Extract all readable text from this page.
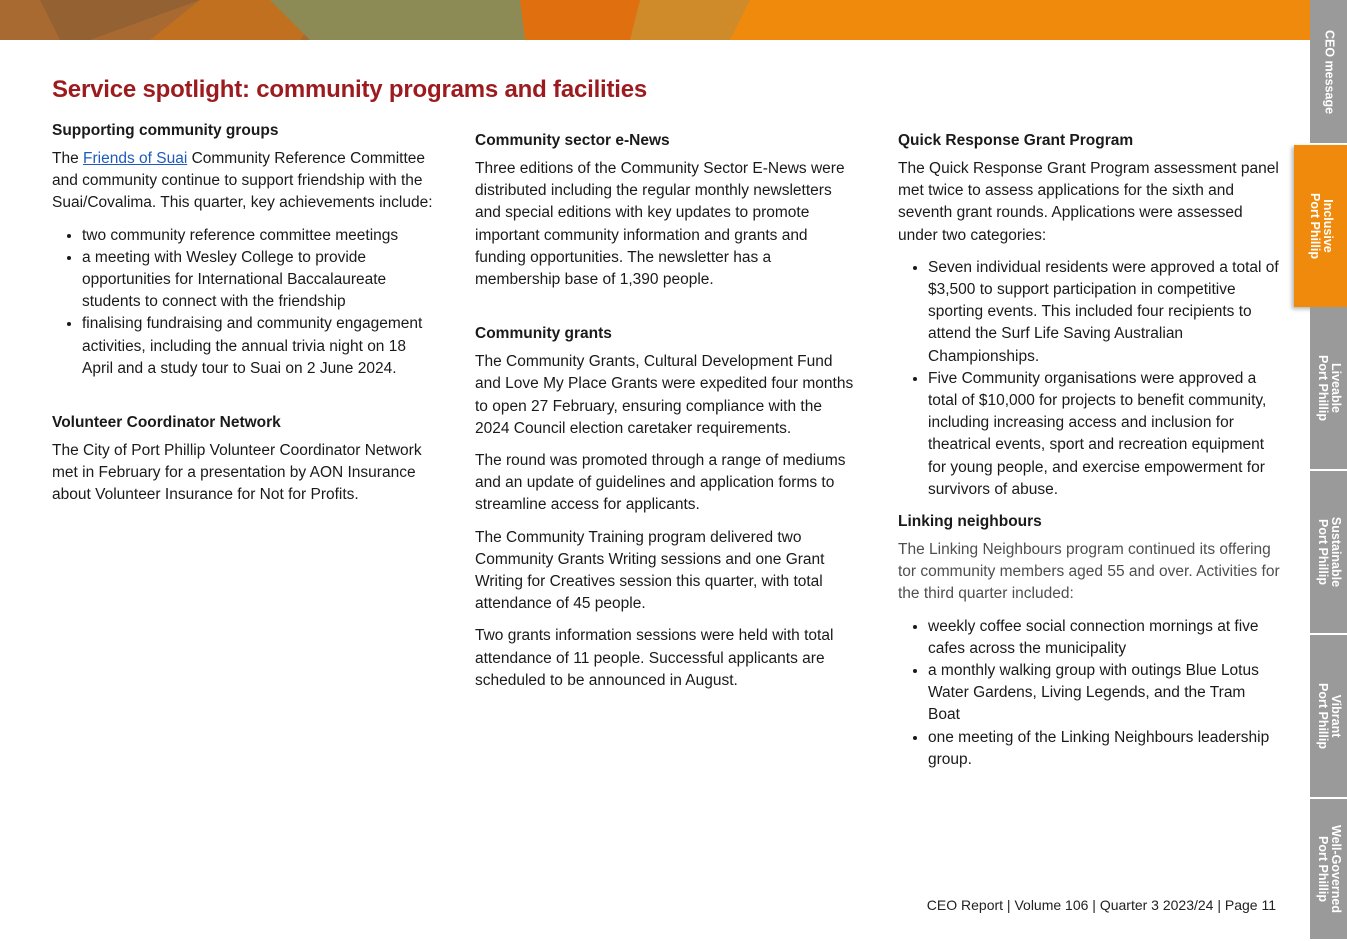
Service spotlight: community programs and facilities
Supporting community groups

The Friends of Suai Community Reference Committee and community continue to support friendship with the Suai/Covalima. This quarter, key achievements include:

• two community reference committee meetings
• a meeting with Wesley College to provide opportunities for International Baccalaureate students to connect with the friendship
• finalising fundraising and community engagement activities, including the annual trivia night on 18 April and a study tour to Suai on 2 June 2024.
Volunteer Coordinator Network

The City of Port Phillip Volunteer Coordinator Network met in February for a presentation by AON Insurance about Volunteer Insurance for Not for Profits.

Community sector e-News

Three editions of the Community Sector E-News were distributed including the regular monthly newsletters and special editions with key updates to promote important community information and grants and funding opportunities. The newsletter has a membership base of 1,390 people.

Community grants

The Community Grants, Cultural Development Fund and Love My Place Grants were expedited four months to open 27 February, ensuring compliance with the 2024 Council election caretaker requirements.

The round was promoted through a range of mediums and an update of guidelines and application forms to streamline access for applicants.

The Community Training program delivered two Community Grants Writing sessions and one Grant Writing for Creatives session this quarter, with total attendance of 45 people.

Two grants information sessions were held with total attendance of 11 people. Successful applicants are scheduled to be announced in August.

Quick Response Grant Program

The Quick Response Grant Program assessment panel met twice to assess applications for the sixth and seventh grant rounds. Applications were assessed under two categories:

• Seven individual residents were approved a total of $3,500 to support participation in competitive sporting events. This included four recipients to attend the Surf Life Saving Australian Championships.
• Five Community organisations were approved a total of $10,000 for projects to benefit community, including increasing access and inclusion for theatrical events, sport and recreation equipment for young people, and exercise empowerment for survivors of abuse.
Linking neighbours

The Linking Neighbours program continued its offering tor community members aged 55 and over. Activities for the third quarter included:

• weekly coffee social connection mornings at five cafes across the municipality
• a monthly walking group with outings Blue Lotus Water Gardens, Living Legends, and the Tram Boat
• one meeting of the Linking Neighbours leadership group.
CEO Report | Volume 106 | Quarter 3 2023/24 | Page 11
CEO message
Inclusive
Port Phillip
Liveable
Port Phillip
Sustainable
Port Phillip
Vibrant
Port Phillip
Well-Governed
Port Phillip
